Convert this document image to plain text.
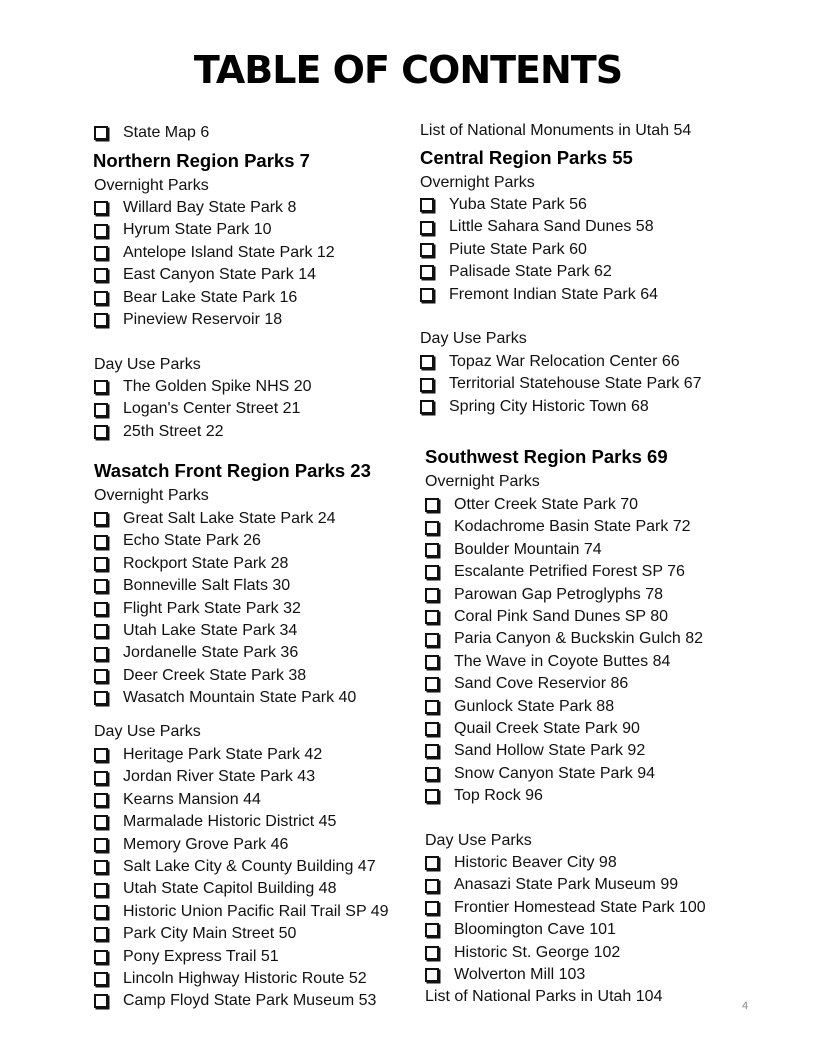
TABLE OF CONTENTS
State Map 6
Northern Region Parks 7
Overnight Parks
Willard Bay State Park 8
Hyrum State Park 10
Antelope Island State Park 12
East Canyon State Park 14
Bear Lake State Park 16
Pineview Reservoir 18
Day Use Parks
The Golden Spike NHS 20
Logan's Center Street 21
25th Street 22
Wasatch Front Region Parks 23
Overnight Parks
Great Salt Lake State Park 24
Echo State Park 26
Rockport State Park 28
Bonneville Salt Flats 30
Flight Park State Park 32
Utah Lake State Park 34
Jordanelle State Park 36
Deer Creek State Park 38
Wasatch Mountain State Park 40
Day Use Parks
Heritage Park State Park 42
Jordan River State Park 43
Kearns Mansion 44
Marmalade Historic District 45
Memory Grove Park 46
Salt Lake City & County Building 47
Utah State Capitol Building 48
Historic Union Pacific Rail Trail SP 49
Park City Main Street 50
Pony Express Trail 51
Lincoln Highway Historic Route 52
Camp Floyd State Park Museum 53
List of National Monuments in Utah 54
Central Region Parks 55
Overnight Parks
Yuba State Park 56
Little Sahara Sand Dunes 58
Piute State Park 60
Palisade State Park 62
Fremont Indian State Park 64
Day Use Parks
Topaz War Relocation Center 66
Territorial Statehouse State Park 67
Spring City Historic Town 68
Southwest Region Parks 69
Overnight Parks
Otter Creek State Park 70
Kodachrome Basin State Park 72
Boulder Mountain 74
Escalante Petrified Forest SP 76
Parowan Gap Petroglyphs 78
Coral Pink Sand Dunes SP 80
Paria Canyon & Buckskin Gulch 82
The Wave in Coyote Buttes 84
Sand Cove Reservior 86
Gunlock State Park 88
Quail Creek State Park 90
Sand Hollow State Park 92
Snow Canyon State Park 94
Top Rock 96
Day Use Parks
Historic Beaver City 98
Anasazi State Park Museum 99
Frontier Homestead State Park 100
Bloomington Cave 101
Historic St. George 102
Wolverton Mill 103
List of National Parks in Utah 104
4
